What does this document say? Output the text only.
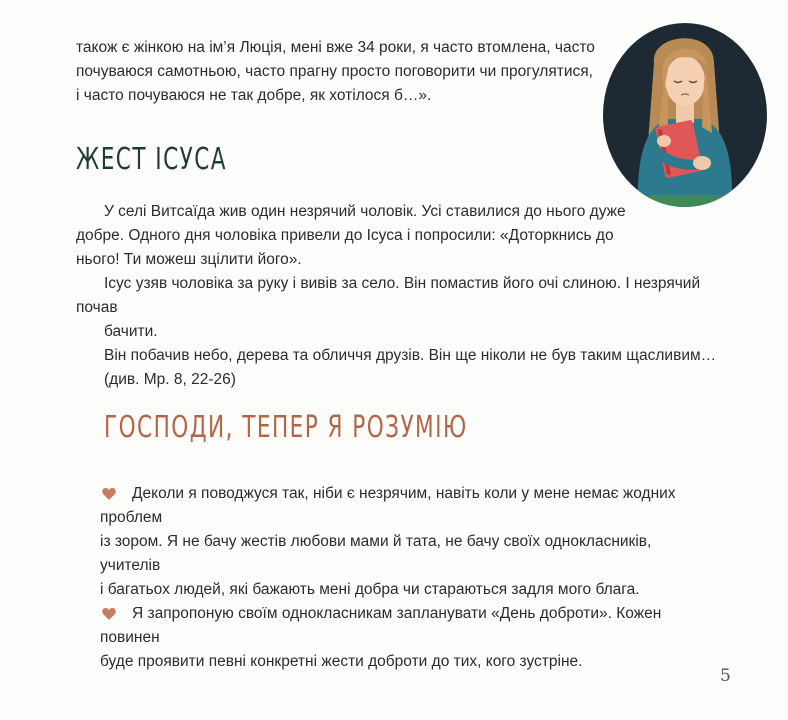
також є жінкою на ім’я Люція, мені вже 34 роки, я часто втомлена, часто

почуваюся самотньою, часто прагну просто поговорити чи прогулятися,

і часто почуваюся не так добре, як хотілося б…».

ЖЕСТ ІСУСА

У селі Витсаїда жив один незрячий чоловік. Усі ставилися до нього дуже

добре. Одного дня чоловіка привели до Ісуса і попросили: «Доторкнись до

нього! Ти можеш зцілити його».

Ісус узяв чоловіка за руку і вивів за село. Він помастив його очі слиною. І незрячий почав

бачити.

Він побачив небо, дерева та обличчя друзів. Він ще ніколи не був таким щасливим…

(див. Мр. 8, 22-26)

ГОСПОДИ, ТЕПЕР Я РОЗУМІЮ

Деколи я поводжуся так, ніби є незрячим, навіть коли у мене немає жодних проблем

із зором. Я не бачу жестів любови мами й тата, не бачу своїх однокласників, учителів

і багатьох людей, які бажають мені добра чи стараються задля мого блага.

Я запропоную своїм однокласникам запланувати «День доброти». Кожен повинен

буде проявити певні конкретні жести доброти до тих, кого зустріне.

5
